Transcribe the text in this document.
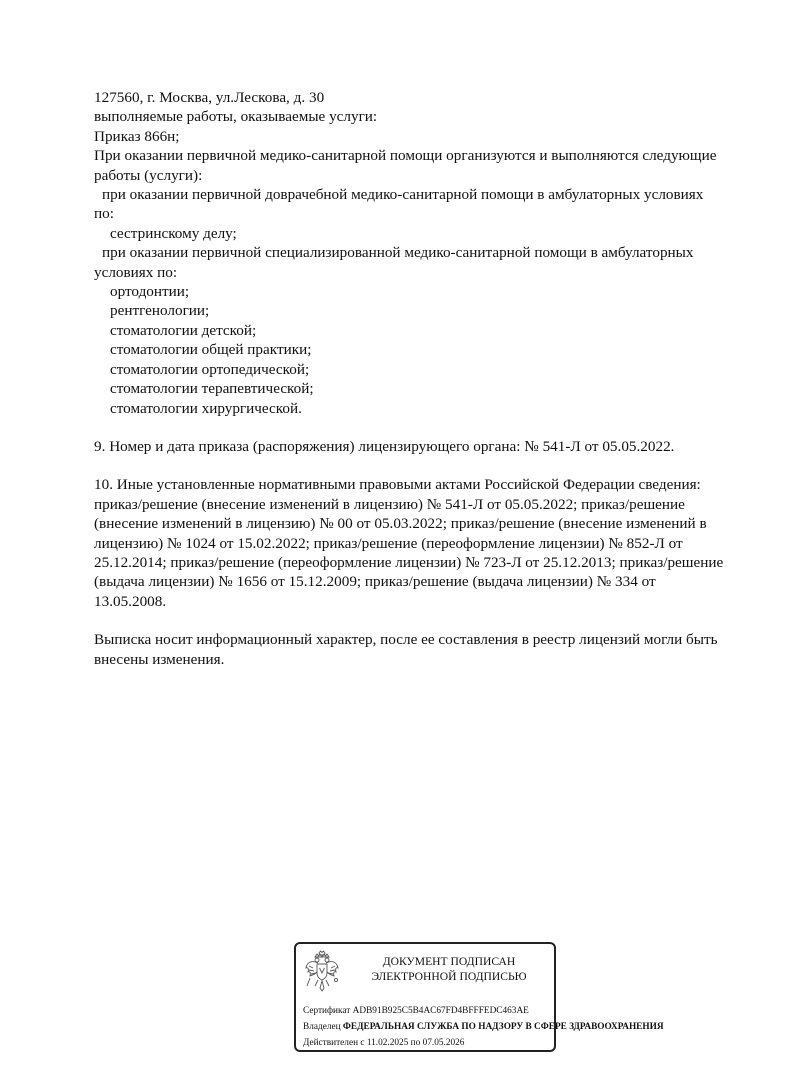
127560, г. Москва, ул.Лескова, д. 30
выполняемые работы, оказываемые услуги:
Приказ 866н;
При оказании первичной медико-санитарной помощи организуются и выполняются следующие
работы (услуги):
при оказании первичной доврачебной медико-санитарной помощи в амбулаторных условиях
по:
сестринскому делу;
при оказании первичной специализированной медико-санитарной помощи в амбулаторных
условиях по:
ортодонтии;
рентгенологии;
стоматологии детской;
стоматологии общей практики;
стоматологии ортопедической;
стоматологии терапевтической;
стоматологии хирургической.
9. Номер и дата приказа (распоряжения) лицензирующего органа: № 541-Л от 05.05.2022.
10. Иные установленные нормативными правовыми актами Российской Федерации сведения:
приказ/решение (внесение изменений в лицензию) № 541-Л от 05.05.2022; приказ/решение
(внесение изменений в лицензию) № 00 от 05.03.2022; приказ/решение (внесение изменений в
лицензию) № 1024 от 15.02.2022; приказ/решение (переоформление лицензии) № 852-Л от
25.12.2014; приказ/решение (переоформление лицензии) № 723-Л от 25.12.2013; приказ/решение
(выдача лицензии) № 1656 от 15.12.2009; приказ/решение (выдача лицензии) № 334 от
13.05.2008.
Выписка носит информационный характер, после ее составления в реестр лицензий могли быть
внесены изменения.
ДОКУМЕНТ ПОДПИСАН
ЭЛЕКТРОННОЙ ПОДПИСЬЮ
Сертификат ADB91B925C5B4AC67FD4BFFFEDC463AE
Владелец ФЕДЕРАЛЬНАЯ СЛУЖБА ПО НАДЗОРУ В СФЕРЕ ЗДРАВООХРАНЕНИЯ
Действителен с 11.02.2025 по 07.05.2026
